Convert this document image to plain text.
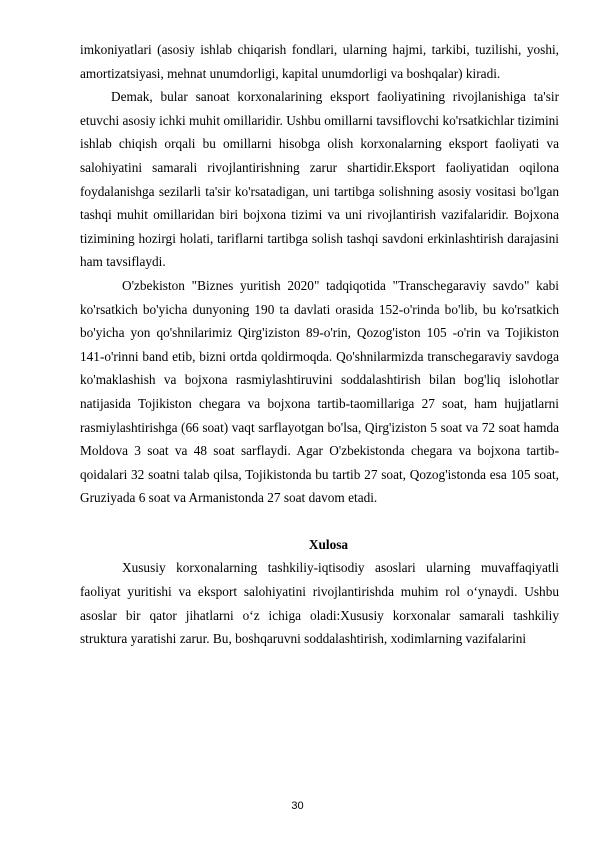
imkoniyatlari (asosiy ishlab chiqarish fondlari, ularning hajmi, tarkibi, tuzilishi, yoshi, amortizatsiyasi, mehnat unumdorligi, kapital unumdorligi va boshqalar) kiradi.

Demak, bular sanoat korxonalarining eksport faoliyatining rivojlanishiga ta'sir etuvchi asosiy ichki muhit omillaridir. Ushbu omillarni tavsiflovchi ko'rsatkichlar tizimini ishlab chiqish orqali bu omillarni hisobga olish korxonalarning eksport faoliyati va salohiyatini samarali rivojlantirishning zarur shartidir.Eksport faoliyatidan oqilona foydalanishga sezilarli ta'sir ko'rsatadigan, uni tartibga solishning asosiy vositasi bo'lgan tashqi muhit omillaridan biri bojxona tizimi va uni rivojlantirish vazifalaridir. Bojxona tizimining hozirgi holati, tariflarni tartibga solish tashqi savdoni erkinlashtirish darajasini ham tavsiflaydi.

O'zbekiston "Biznes yuritish 2020" tadqiqotida "Transchegaraviy savdo" kabi ko'rsatkich bo'yicha dunyoning 190 ta davlati orasida 152-o'rinda bo'lib, bu ko'rsatkich bo'yicha yon qo'shnilarimiz Qirg'iziston 89-o'rin, Qozog'iston 105 -o'rin va Tojikiston 141-o'rinni band etib, bizni ortda qoldirmoqda. Qo'shnilarmizda transchegaraviy savdoga ko'maklashish va bojxona rasmiylashtiruvini soddalashtirish bilan bog'liq islohotlar natijasida Tojikiston chegara va bojxona tartib-taomillariga 27 soat, ham hujjatlarni rasmiylashtirishga (66 soat) vaqt sarflayotgan bo'lsa, Qirg'iziston 5 soat va 72 soat hamda Moldova 3 soat va 48 soat sarflaydi. Agar O'zbekistonda chegara va bojxona tartib-qoidalari 32 soatni talab qilsa, Tojikistonda bu tartib 27 soat, Qozog'istonda esa 105 soat, Gruziyada 6 soat va Armanistonda 27 soat davom etadi.

Xulosa

Xususiy korxonalarning tashkiliy-iqtisodiy asoslari ularning muvaffaqiyatli faoliyat yuritishi va eksport salohiyatini rivojlantirishda muhim rol o‘ynaydi. Ushbu asoslar bir qator jihatlarni o‘z ichiga oladi:Xususiy korxonalar samarali tashkiliy struktura yaratishi zarur. Bu, boshqaruvni soddalashtirish, xodimlarning vazifalarini

30
